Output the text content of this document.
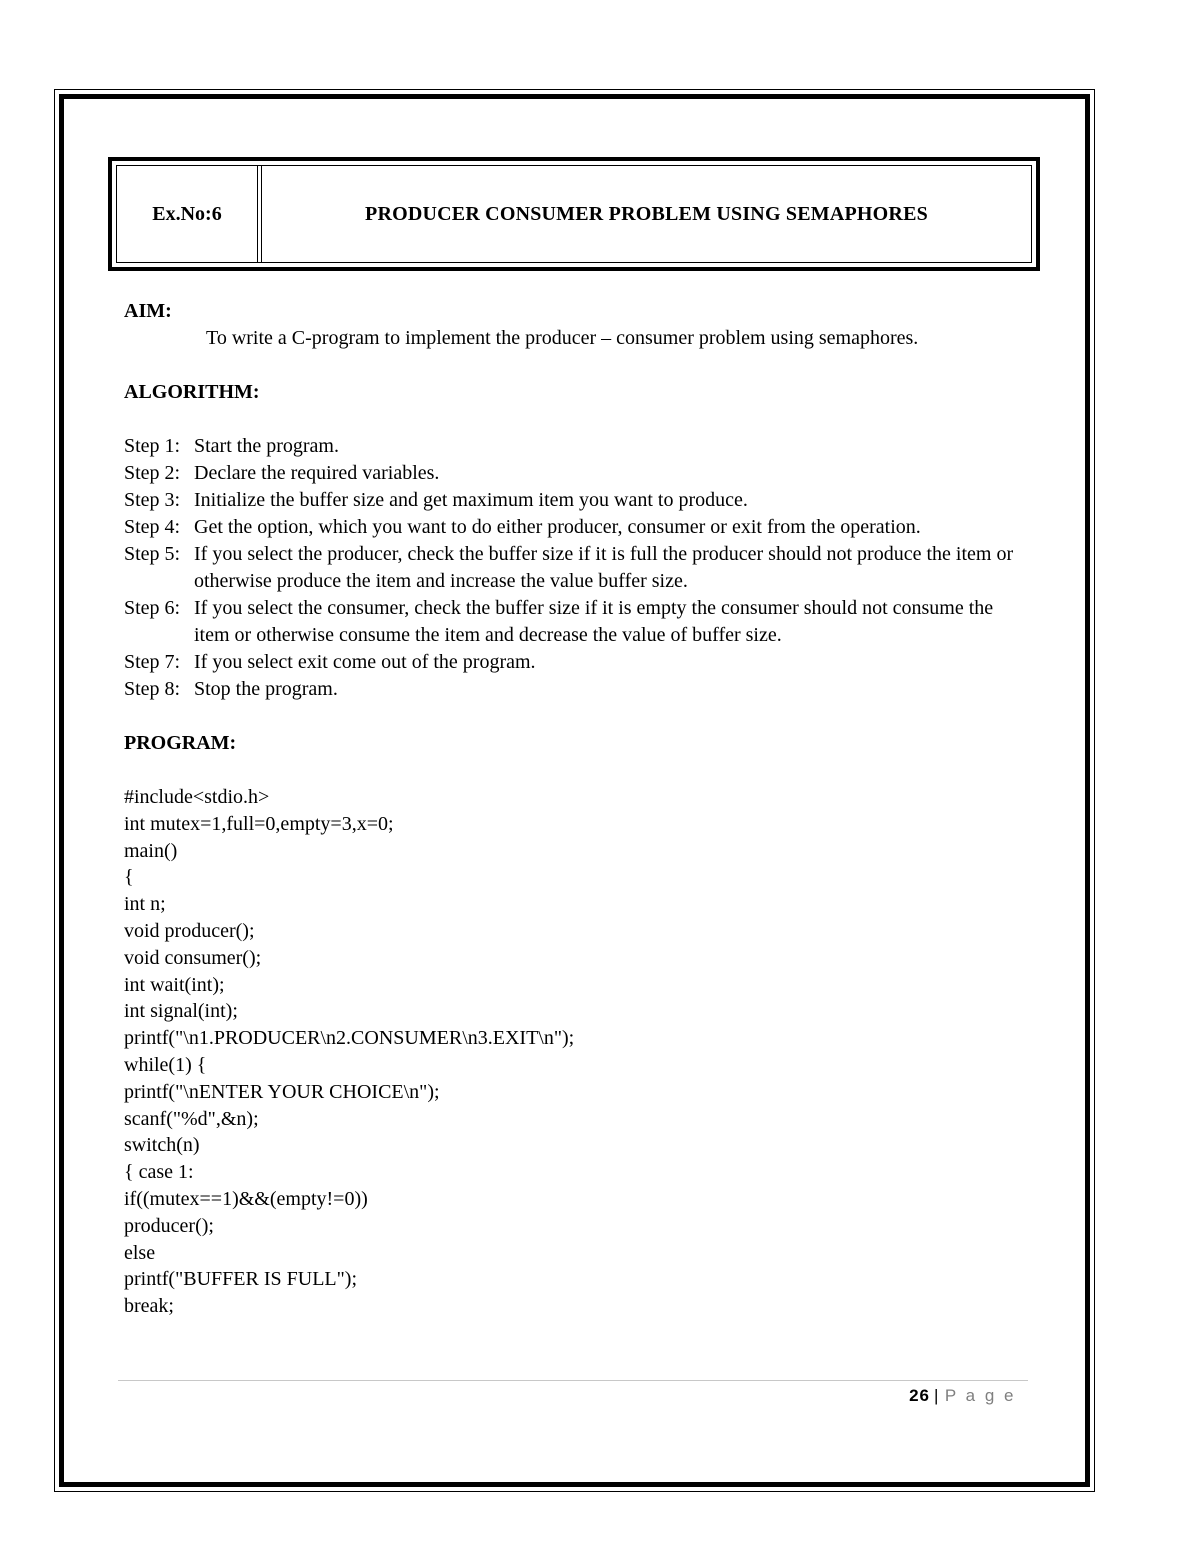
Ex.No:6	PRODUCER CONSUMER PROBLEM USING SEMAPHORES
AIM:

To write a C-program to implement the producer – consumer problem using semaphores.

ALGORITHM:
Step 1: Start the program.
Step 2: Declare the required variables.
Step 3: Initialize the buffer size and get maximum item you want to produce.
Step 4: Get the option, which you want to do either producer, consumer or exit from the operation.
Step 5: If you select the producer, check the buffer size if it is full the producer should not produce the item or otherwise produce the item and increase the value buffer size.
Step 6: If you select the consumer, check the buffer size if it is empty the consumer should not consume the item or otherwise consume the item and decrease the value of buffer size.
Step 7: If you select exit come out of the program.
Step 8: Stop the program.
PROGRAM:
#include<stdio.h>
int mutex=1,full=0,empty=3,x=0;
main()
{
int n;
void producer();
void consumer();
int wait(int);
int signal(int);
printf("\n1.PRODUCER\n2.CONSUMER\n3.EXIT\n");
while(1) {
printf("\nENTER YOUR CHOICE\n");
scanf("%d",&n);
switch(n)
{ case 1:
if((mutex==1)&&(empty!=0))
producer();
else
printf("BUFFER IS FULL");
break;
26 | P a g e
